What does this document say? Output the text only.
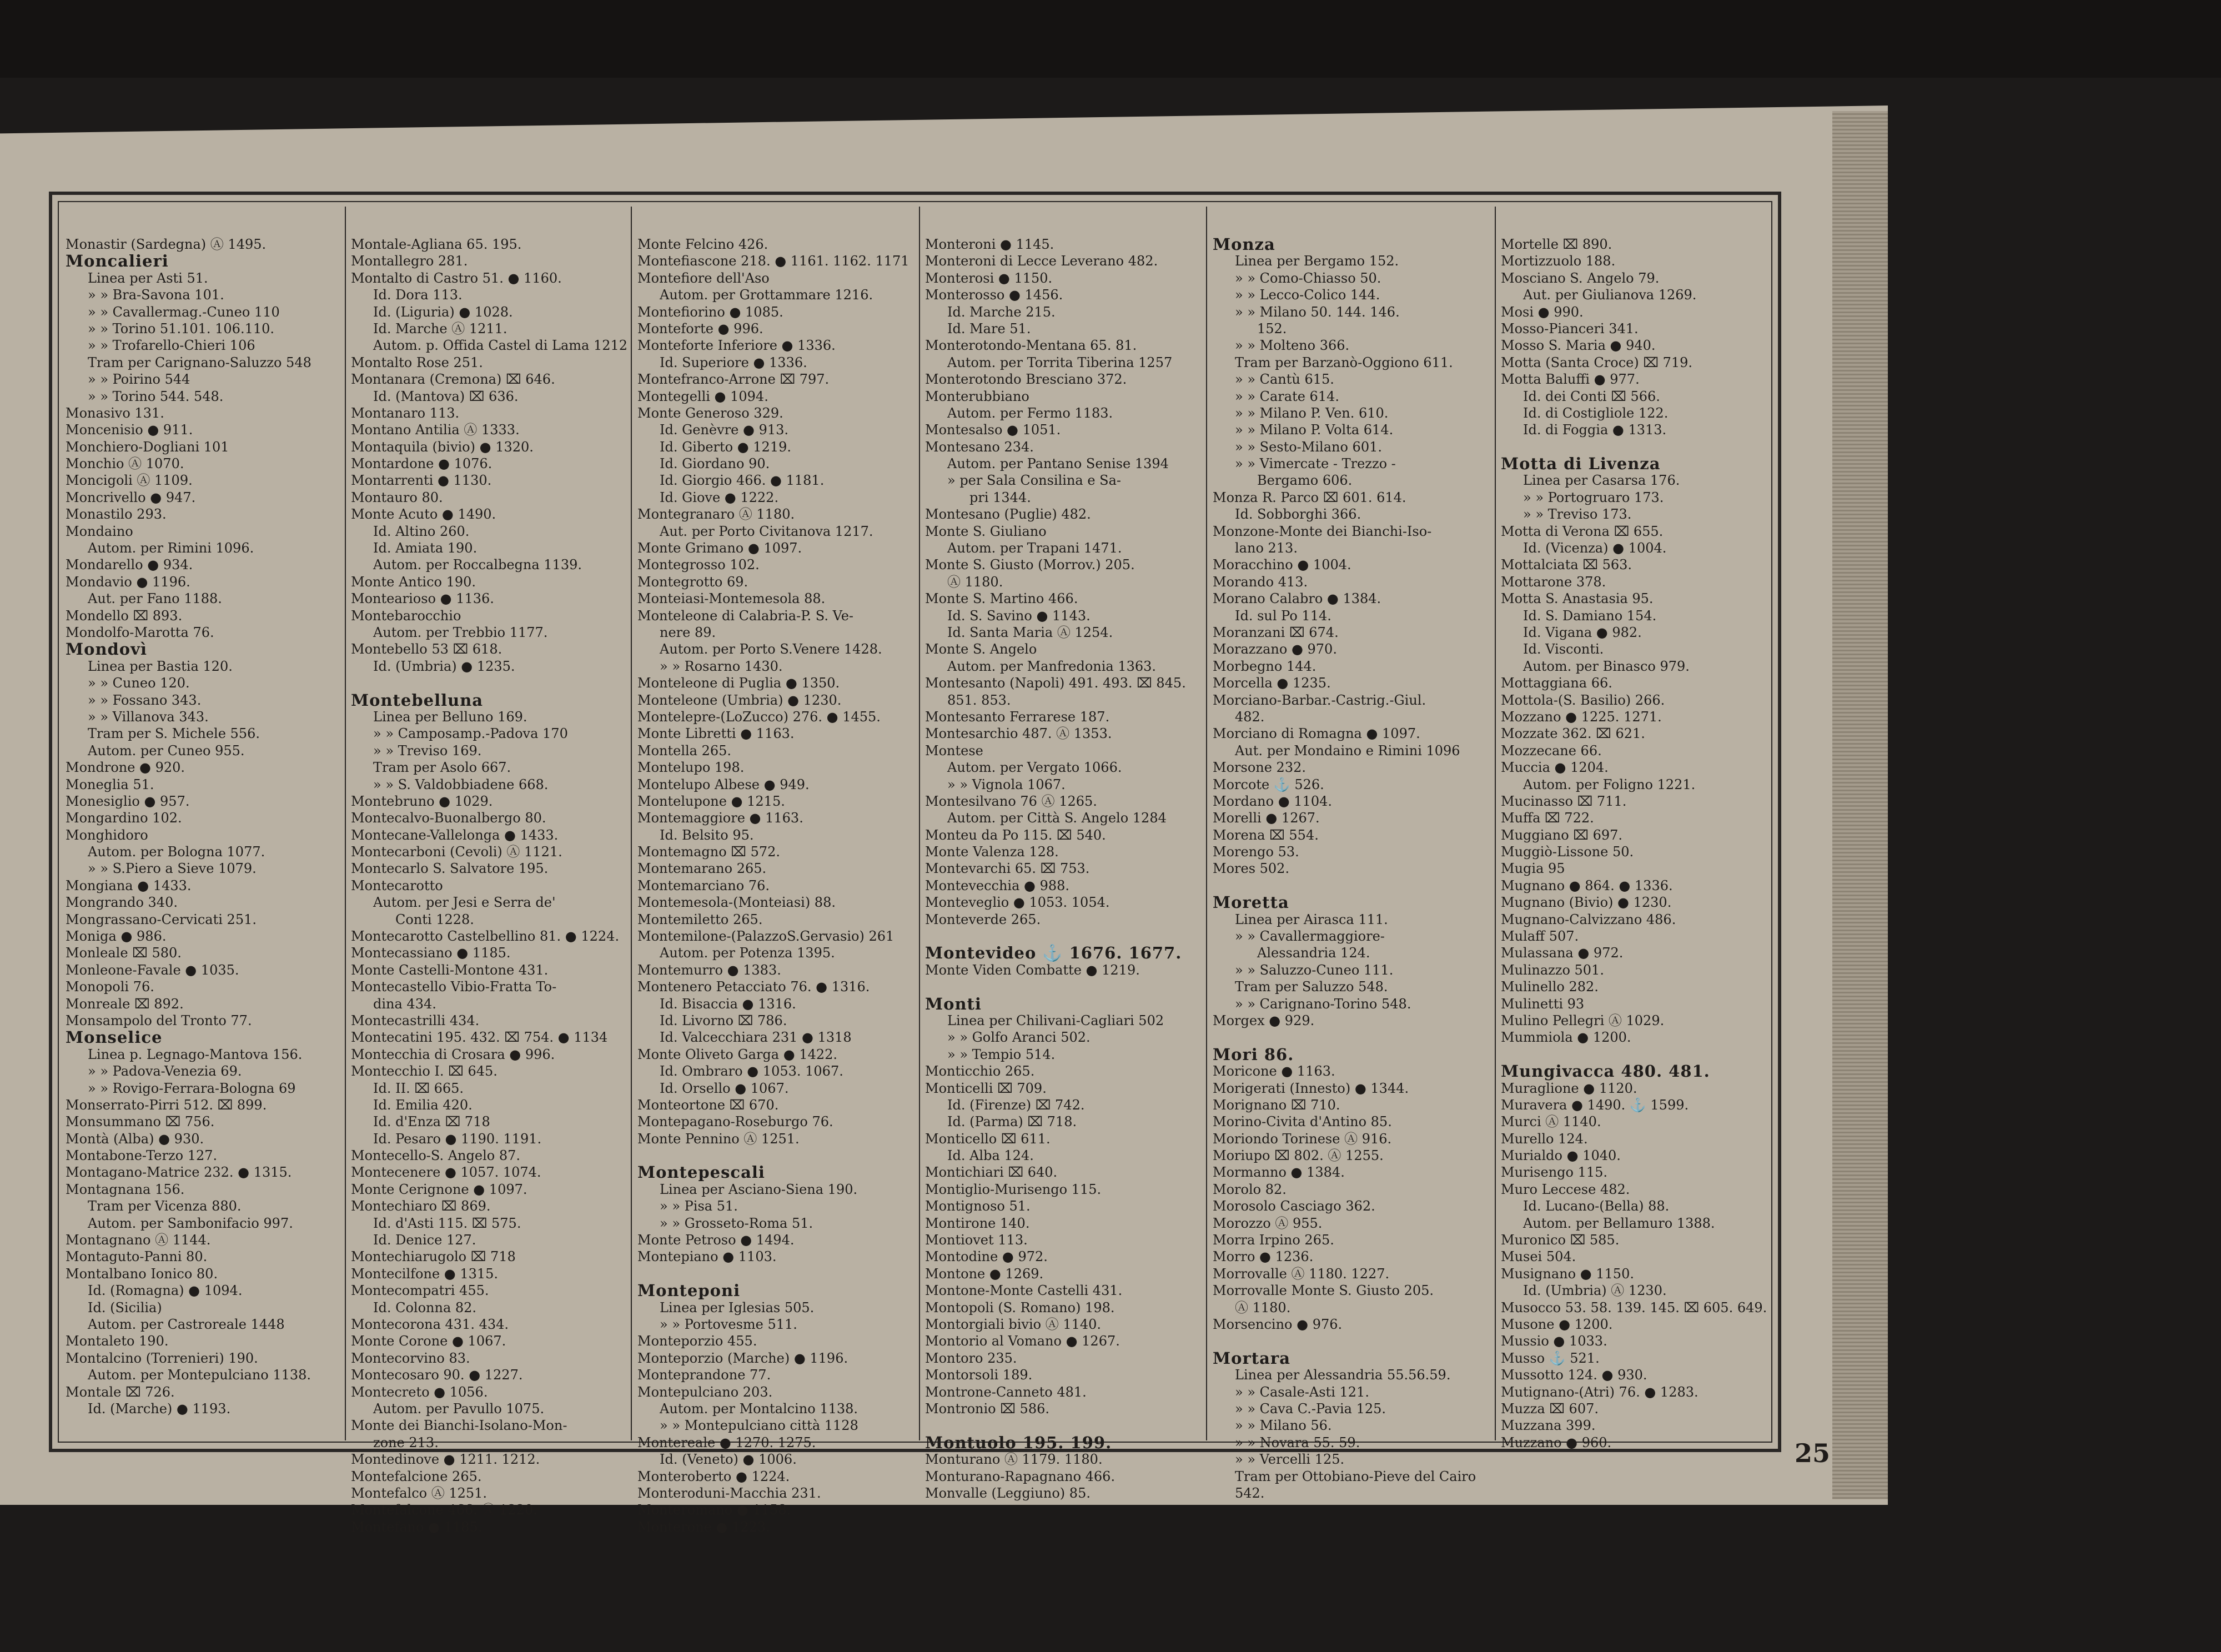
Monastir (Sardegna) Ⓐ 1495.
Moncalieri
Linea per Asti 51.
» » Bra-Savona 101.
» » Cavallermag.-Cuneo 110
» » Torino 51.101. 106.110.
» » Trofarello-Chieri 106
Tram per Carignano-Saluzzo 548
» » Poirino 544
» » Torino 544. 548.
Monasivo 131.
Moncenisio ● 911.
Monchiero-Dogliani 101
Monchio Ⓐ 1070.
Moncigoli Ⓐ 1109.
Moncrivello ● 947.
Monastilo 293.
Mondaino
Autom. per Rimini 1096.
Mondarello ● 934.
Mondavio ● 1196.
Aut. per Fano 1188.
Mondello ⌧ 893.
Mondolfo-Marotta 76.
Mondovì
Linea per Bastia 120.
» » Cuneo 120.
» » Fossano 343.
» » Villanova 343.
Tram per S. Michele 556.
Autom. per Cuneo 955.
Mondrone ● 920.
Moneglia 51.
Monesiglio ● 957.
Mongardino 102.
Monghidoro
Autom. per Bologna 1077.
» » S.Piero a Sieve 1079.
Mongiana ● 1433.
Mongrando 340.
Mongrassano-Cervicati 251.
Moniga ● 986.
Monleale ⌧ 580.
Monleone-Favale ● 1035.
Monopoli 76.
Monreale ⌧ 892.
Monsampolo del Tronto 77.
Monselice
Linea p. Legnago-Mantova 156.
» » Padova-Venezia 69.
» » Rovigo-Ferrara-Bologna 69
Monserrato-Pirri 512. ⌧ 899.
Monsummano ⌧ 756.
Montà (Alba) ● 930.
Montabone-Terzo 127.
Montagano-Matrice 232. ● 1315.
Montagnana 156.
Tram per Vicenza 880.
Autom. per Sambonifacio 997.
Montagnano Ⓐ 1144.
Montaguto-Panni 80.
Montalbano Ionico 80.
Id. (Romagna) ● 1094.
Id. (Sicilia)
Autom. per Castroreale 1448
Montaleto 190.
Montalcino (Torrenieri) 190.
Autom. per Montepulciano 1138.
Montale ⌧ 726.
Id. (Marche) ● 1193.
Montale-Agliana 65. 195.
Montallegro 281.
Montalto di Castro 51. ● 1160.
Id. Dora 113.
Id. (Liguria) ● 1028.
Id. Marche Ⓐ 1211.
Autom. p. Offida Castel di Lama 1212
Montalto Rose 251.
Montanara (Cremona) ⌧ 646.
Id. (Mantova) ⌧ 636.
Montanaro 113.
Montano Antilia Ⓐ 1333.
Montaquila (bivio) ● 1320.
Montardone ● 1076.
Montarrenti ● 1130.
Montauro 80.
Monte Acuto ● 1490.
Id. Altino 260.
Id. Amiata 190.
Autom. per Roccalbegna 1139.
Monte Antico 190.
Montearioso ● 1136.
Montebarocchio
Autom. per Trebbio 1177.
Montebello 53 ⌧ 618.
Id. (Umbria) ● 1235.
Montebelluna
Linea per Belluno 169.
» » Camposamp.-Padova 170
» » Treviso 169.
Tram per Asolo 667.
» » S. Valdobbiadene 668.
Montebruno ● 1029.
Montecalvo-Buonalbergo 80.
Montecane-Vallelonga ● 1433.
Montecarboni (Cevoli) Ⓐ 1121.
Montecarlo S. Salvatore 195.
Montecarotto
Autom. per Jesi e Serra de'
Conti 1228.
Montecarotto Castelbellino 81. ● 1224.
Montecassiano ● 1185.
Monte Castelli-Montone 431.
Montecastello Vibio-Fratta To-
dina 434.
Montecastrilli 434.
Montecatini 195. 432. ⌧ 754. ● 1134
Montecchia di Crosara ● 996.
Montecchio I. ⌧ 645.
Id. II. ⌧ 665.
Id. Emilia 420.
Id. d'Enza ⌧ 718
Id. Pesaro ● 1190. 1191.
Montecello-S. Angelo 87.
Montecenere ● 1057. 1074.
Monte Cerignone ● 1097.
Montechiaro ⌧ 869.
Id. d'Asti 115. ⌧ 575.
Id. Denice 127.
Montechiarugolo ⌧ 718
Montecilfone ● 1315.
Montecompatri 455.
Id. Colonna 82.
Montecorona 431. 434.
Monte Corone ● 1067.
Montecorvino 83.
Montecosaro 90. ● 1227.
Montecreto ● 1056.
Autom. per Pavullo 1075.
Monte dei Bianchi-Isolano-Mon-
zone 213.
Montedinove ● 1211. 1212.
Montefalcione 265.
Montefalco Ⓐ 1251.
Montefalcone 466. Ⓐ 1220.
Montefano ● 1185.
Monte Felcino 426.
Montefiascone 218. ● 1161. 1162. 1171
Montefiore dell'Aso
Autom. per Grottammare 1216.
Montefiorino ● 1085.
Monteforte ● 996.
Monteforte Inferiore ● 1336.
Id. Superiore ● 1336.
Montefranco-Arrone ⌧ 797.
Montegelli ● 1094.
Monte Generoso 329.
Id. Genèvre ● 913.
Id. Giberto ● 1219.
Id. Giordano 90.
Id. Giorgio 466. ● 1181.
Id. Giove ● 1222.
Montegranaro Ⓐ 1180.
Aut. per Porto Civitanova 1217.
Monte Grimano ● 1097.
Montegrosso 102.
Montegrotto 69.
Monteiasi-Montemesola 88.
Monteleone di Calabria-P. S. Ve-
nere 89.
Autom. per Porto S.Venere 1428.
» » Rosarno 1430.
Monteleone di Puglia ● 1350.
Monteleone (Umbria) ● 1230.
Montelepre-(LoZucco) 276. ● 1455.
Monte Libretti ● 1163.
Montella 265.
Montelupo 198.
Montelupo Albese ● 949.
Montelupone ● 1215.
Montemaggiore ● 1163.
Id. Belsito 95.
Montemagno ⌧ 572.
Montemarano 265.
Montemarciano 76.
Montemesola-(Monteiasi) 88.
Montemiletto 265.
Montemilone-(PalazzoS.Gervasio) 261
Autom. per Potenza 1395.
Montemurro ● 1383.
Montenero Petacciato 76. ● 1316.
Id. Bisaccia ● 1316.
Id. Livorno ⌧ 786.
Id. Valcecchiara 231 ● 1318
Monte Oliveto Garga ● 1422.
Id. Ombraro ● 1053. 1067.
Id. Orsello ● 1067.
Monteortone ⌧ 670.
Montepagano-Roseburgo 76.
Monte Pennino Ⓐ 1251.
Montepescali
Linea per Asciano-Siena 190.
» » Pisa 51.
» » Grosseto-Roma 51.
Monte Petroso ● 1494.
Montepiano ● 1103.
Monteponi
Linea per Iglesias 505.
» » Portovesme 511.
Monteporzio 455.
Monteporzio (Marche) ● 1196.
Monteprandone 77.
Montepulciano 203.
Autom. per Montalcino 1138.
» » Montepulciano città 1128
Montereale ● 1270. 1275.
Id. (Veneto) ● 1006.
Monteroberto ● 1224.
Monteroduni-Macchia 231.
Monteromano ● 1158.
Monterone ● 1223.
Monteroni ● 1145.
Monteroni di Lecce Leverano 482.
Monterosi ● 1150.
Monterosso ● 1456.
Id. Marche 215.
Id. Mare 51.
Monterotondo-Mentana 65. 81.
Autom. per Torrita Tiberina 1257
Monterotondo Bresciano 372.
Monterubbiano
Autom. per Fermo 1183.
Montesalso ● 1051.
Montesano 234.
Autom. per Pantano Senise 1394
» per Sala Consilina e Sa-
pri 1344.
Montesano (Puglie) 482.
Monte S. Giuliano
Autom. per Trapani 1471.
Monte S. Giusto (Morrov.) 205.
Ⓐ 1180.
Monte S. Martino 466.
Id. S. Savino ● 1143.
Id. Santa Maria Ⓐ 1254.
Monte S. Angelo
Autom. per Manfredonia 1363.
Montesanto (Napoli) 491. 493. ⌧ 845.
851. 853.
Montesanto Ferrarese 187.
Montesarchio 487. Ⓐ 1353.
Montese
Autom. per Vergato 1066.
» » Vignola 1067.
Montesilvano 76 Ⓐ 1265.
Autom. per Città S. Angelo 1284
Monteu da Po 115. ⌧ 540.
Monte Valenza 128.
Montevarchi 65. ⌧ 753.
Montevecchia ● 988.
Monteveglio ● 1053. 1054.
Monteverde 265.
Montevideo ⚓ 1676. 1677.
Monte Viden Combatte ● 1219.
Monti
Linea per Chilivani-Cagliari 502
» » Golfo Aranci 502.
» » Tempio 514.
Monticchio 265.
Monticelli ⌧ 709.
Id. (Firenze) ⌧ 742.
Id. (Parma) ⌧ 718.
Monticello ⌧ 611.
Id. Alba 124.
Montichiari ⌧ 640.
Montiglio-Murisengo 115.
Montignoso 51.
Montirone 140.
Montiovet 113.
Montodine ● 972.
Montone ● 1269.
Montone-Monte Castelli 431.
Montopoli (S. Romano) 198.
Montorgiali bivio Ⓐ 1140.
Montorio al Vomano ● 1267.
Montoro 235.
Montorsoli 189.
Montrone-Canneto 481.
Montronio ⌧ 586.
Montuolo 195. 199.
Monturano Ⓐ 1179. 1180.
Monturano-Rapagnano 466.
Monvalle (Leggiuno) 85.
Monza
Linea per Bergamo 152.
» » Como-Chiasso 50.
» » Lecco-Colico 144.
» » Milano 50. 144. 146.
152.
» » Molteno 366.
Tram per Barzanò-Oggiono 611.
» » Cantù 615.
» » Carate 614.
» » Milano P. Ven. 610.
» » Milano P. Volta 614.
» » Sesto-Milano 601.
» » Vimercate - Trezzo -
Bergamo 606.
Monza R. Parco ⌧ 601. 614.
Id. Sobborghi 366.
Monzone-Monte dei Bianchi-Iso-
lano 213.
Moracchino ● 1004.
Morando 413.
Morano Calabro ● 1384.
Id. sul Po 114.
Moranzani ⌧ 674.
Morazzano ● 970.
Morbegno 144.
Morcella ● 1235.
Morciano-Barbar.-Castrig.-Giul.
482.
Morciano di Romagna ● 1097.
Aut. per Mondaino e Rimini 1096
Morsone 232.
Morcote ⚓ 526.
Mordano ● 1104.
Morelli ● 1267.
Morena ⌧ 554.
Morengo 53.
Mores 502.
Moretta
Linea per Airasca 111.
» » Cavallermaggiore-
Alessandria 124.
» » Saluzzo-Cuneo 111.
Tram per Saluzzo 548.
» » Carignano-Torino 548.
Morgex ● 929.
Mori 86.
Moricone ● 1163.
Morigerati (Innesto) ● 1344.
Morignano ⌧ 710.
Morino-Civita d'Antino 85.
Moriondo Torinese Ⓐ 916.
Moriupo ⌧ 802. Ⓐ 1255.
Mormanno ● 1384.
Morolo 82.
Morosolo Casciago 362.
Morozzo Ⓐ 955.
Morra Irpino 265.
Morro ● 1236.
Morrovalle Ⓐ 1180. 1227.
Morrovalle Monte S. Giusto 205.
Ⓐ 1180.
Morsencino ● 976.
Mortara
Linea per Alessandria 55.56.59.
» » Casale-Asti 121.
» » Cava C.-Pavia 125.
» » Milano 56.
» » Novara 55. 59.
» » Vercelli 125.
Tram per Ottobiano-Pieve del Cairo
542.
Mortelle ⌧ 890.
Mortizzuolo 188.
Mosciano S. Angelo 79.
Aut. per Giulianova 1269.
Mosi ● 990.
Mosso-Pianceri 341.
Mosso S. Maria ● 940.
Motta (Santa Croce) ⌧ 719.
Motta Baluffi ● 977.
Id. dei Conti ⌧ 566.
Id. di Costigliole 122.
Id. di Foggia ● 1313.
Motta di Livenza
Linea per Casarsa 176.
» » Portogruaro 173.
» » Treviso 173.
Motta di Verona ⌧ 655.
Id. (Vicenza) ● 1004.
Mottalciata ⌧ 563.
Mottarone 378.
Motta S. Anastasia 95.
Id. S. Damiano 154.
Id. Vigana ● 982.
Id. Visconti.
Autom. per Binasco 979.
Mottaggiana 66.
Mottola-(S. Basilio) 266.
Mozzano ● 1225. 1271.
Mozzate 362. ⌧ 621.
Mozzecane 66.
Muccia ● 1204.
Autom. per Foligno 1221.
Mucinasso ⌧ 711.
Muffa ⌧ 722.
Muggiano ⌧ 697.
Muggiò-Lissone 50.
Mugia 95
Mugnano ● 864. ● 1336.
Mugnano (Bivio) ● 1230.
Mugnano-Calvizzano 486.
Mulaff 507.
Mulassana ● 972.
Mulinazzo 501.
Mulinello 282.
Mulinetti 93
Mulino Pellegri Ⓐ 1029.
Mummiola ● 1200.
Mungivacca 480. 481.
Muraglione ● 1120.
Muravera ● 1490. ⚓ 1599.
Murci Ⓐ 1140.
Murello 124.
Murialdo ● 1040.
Murisengo 115.
Muro Leccese 482.
Id. Lucano-(Bella) 88.
Autom. per Bellamuro 1388.
Muronico ⌧ 585.
Musei 504.
Musignano ● 1150.
Id. (Umbria) Ⓐ 1230.
Musocco 53. 58. 139. 145. ⌧ 605. 649.
Musone ● 1200.
Mussio ● 1033.
Musso ⚓ 521.
Mussotto 124. ● 930.
Mutignano-(Atri) 76. ● 1283.
Muzza ⌧ 607.
Muzzana 399.
Muzzano ● 960.	25
